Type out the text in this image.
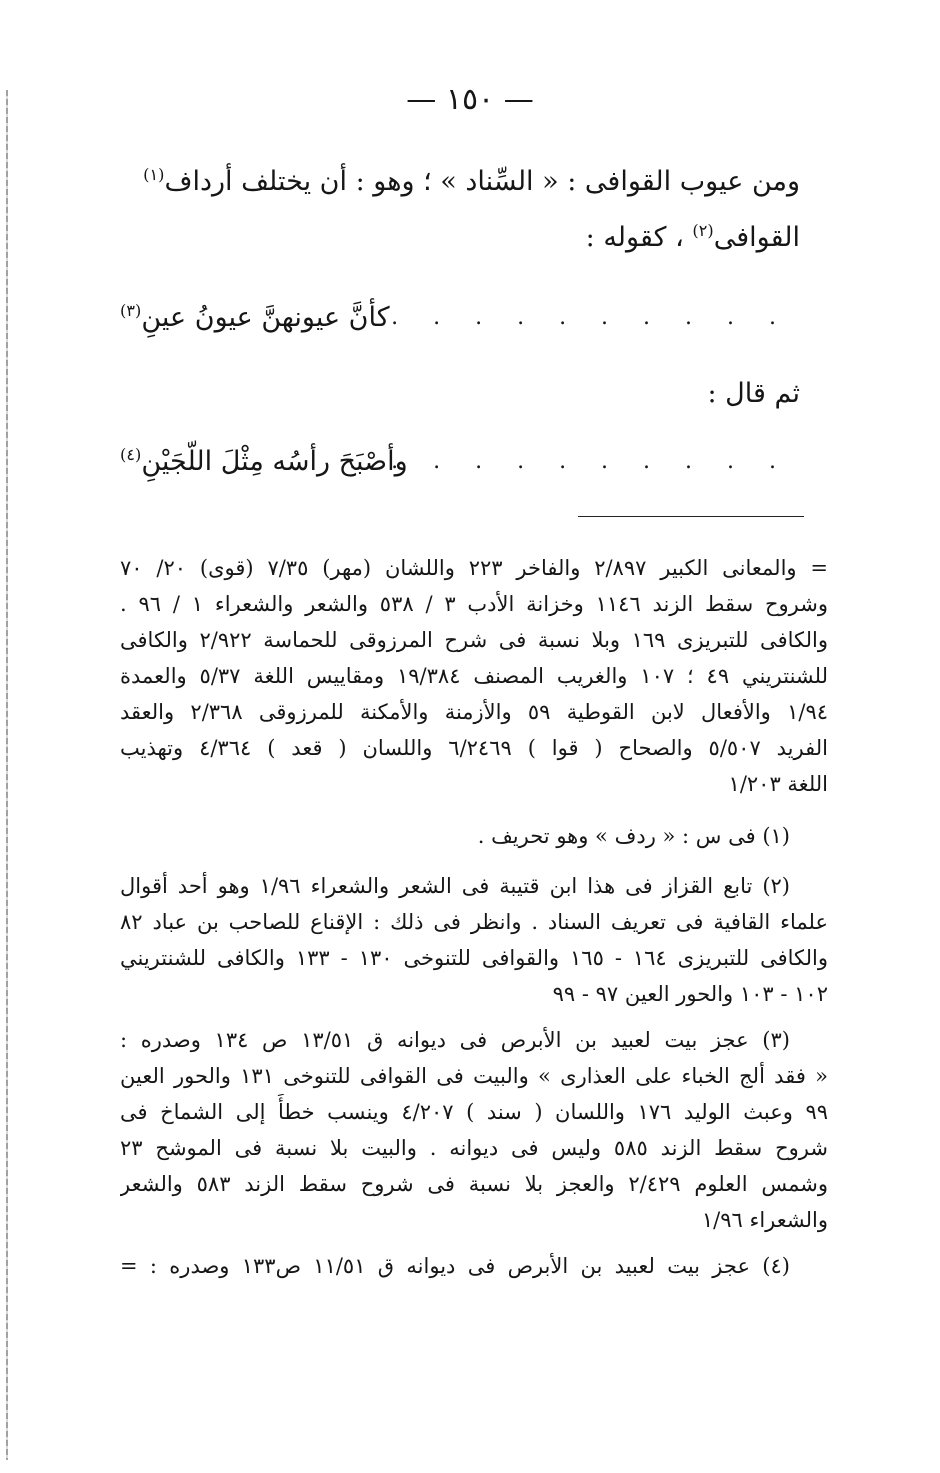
— ١٥٠ —
ومن عيوب القوافى : « السِّناد » ؛ وهو : أن يختلف أرداف$^{(١)}$
القوافى$^{(٢)}$ ، كقوله :
. . . . . . . . . .
كأنَّ عيونهنَّ عيونُ عينِ$^{(٣)}$
ثم قال :
. . . . . . . . . . .
وأصْبَحَ رأسُه مِثْلَ اللُّجَيْنِ$^{(٤)}$
= والمعانى الكبير ٢/٨٩٧ والفاخر ٢٢٣ واللشان (مهر) ٧/٣٥ (قوى) ٢٠/ ٧٠
وشروح سقط الزند ١١٤٦ وخزانة الأدب ٣ / ٥٣٨ والشعر والشعراء ١ / ٩٦ .
والكافى للتبريزى ١٦٩ وبلا نسبة فى شرح المرزوقى للحماسة ٢/٩٢٢ والكافى
للشنتريني ٤٩ ؛ ١٠٧ والغريب المصنف ١٩/٣٨٤ ومقاييس اللغة ٥/٣٧ والعمدة
١/٩٤ والأفعال لابن القوطية ٥٩ والأزمنة والأمكنة للمرزوقى ٢/٣٦٨ والعقد
الفريد ٥/٥٠٧ والصحاح ( قوا ) ٦/٢٤٦٩ واللسان ( قعد ) ٤/٣٦٤ وتهذيب
اللغة ١/٢٠٣
(١) فى س : « ردف » وهو تحريف .
(٢) تابع القزاز فى هذا ابن قتيبة فى الشعر والشعراء ١/٩٦ وهو أحد أقوال
علماء القافية فى تعريف السناد . وانظر فى ذلك : الإقناع للصاحب بن عباد ٨٢
والكافى للتبريزى ١٦٤ - ١٦٥ والقوافى للتنوخى ١٣٠ - ١٣٣ والكافى للشنتريني
١٠٢ - ١٠٣ والحور العين ٩٧ - ٩٩
(٣) عجز بيت لعبيد بن الأبرص فى ديوانه ق ١٣/٥١ ص ١٣٤ وصدره :
« فقد ألج الخباء على العذارى » والبيت فى القوافى للتنوخى ١٣١ والحور العين
٩٩ وعبث الوليد ١٧٦ واللسان ( سند ) ٤/٢٠٧ وينسب خطأً إلى الشماخ فى
شروح سقط الزند ٥٨٥ وليس فى ديوانه . والبيت بلا نسبة فى الموشح ٢٣
وشمس العلوم ٢/٤٢٩ والعجز بلا نسبة فى شروح سقط الزند ٥٨٣ والشعر
والشعراء ١/٩٦
(٤) عجز بيت لعبيد بن الأبرص فى ديوانه ق ١١/٥١ ص١٣٣ وصدره : =
